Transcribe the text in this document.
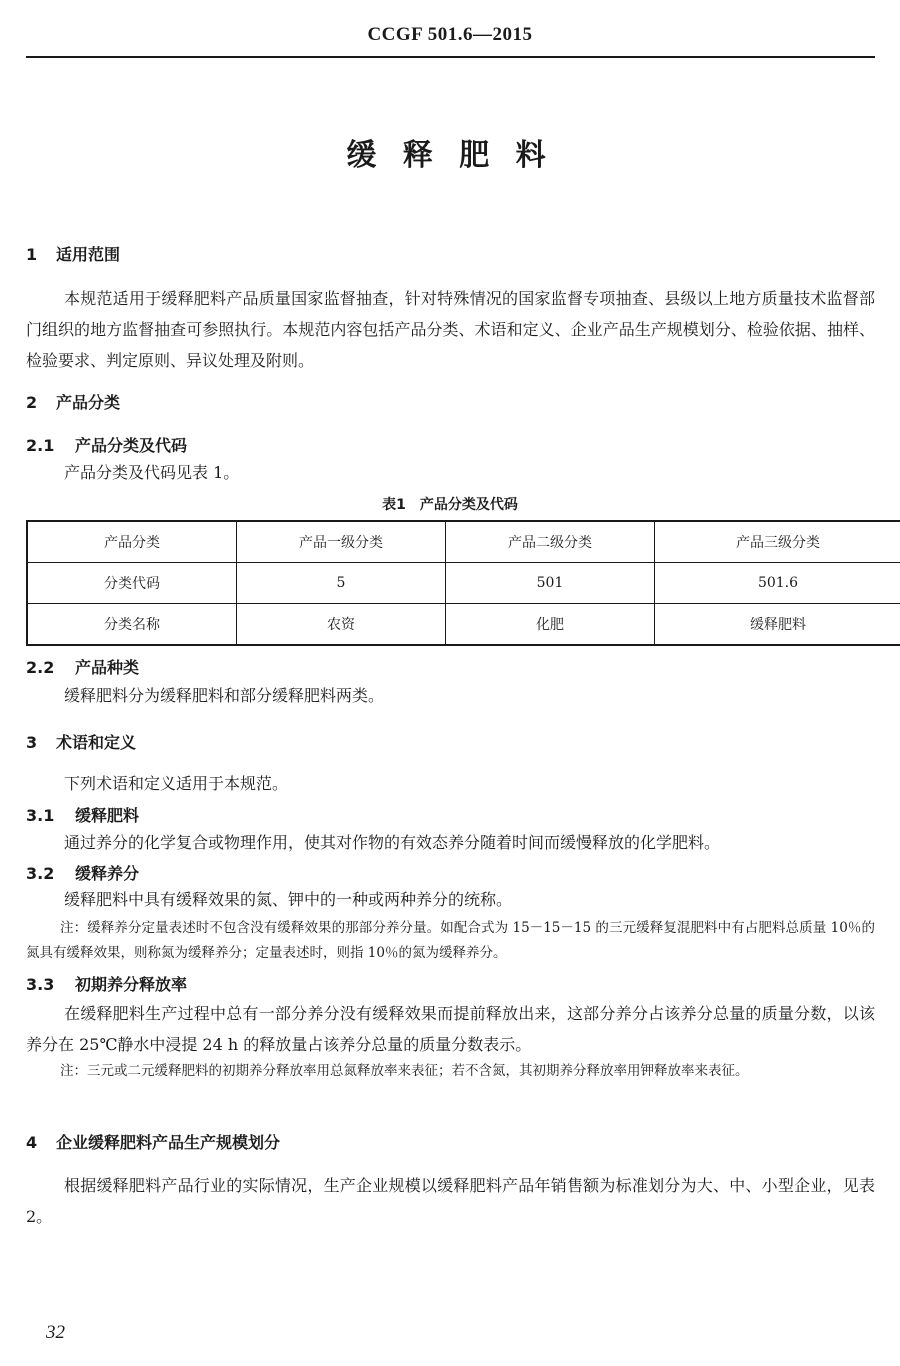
CCGF 501.6—2015
缓 释 肥 料
1 适用范围
本规范适用于缓释肥料产品质量国家监督抽查，针对特殊情况的国家监督专项抽查、县级以上地方质量技术监督部门组织的地方监督抽查可参照执行。本规范内容包括产品分类、术语和定义、企业产品生产规模划分、检验依据、抽样、检验要求、判定原则、异议处理及附则。
2 产品分类
2.1 产品分类及代码
产品分类及代码见表 1。
表1　产品分类及代码
产品分类	产品一级分类	产品二级分类	产品三级分类
分类代码	5	501	501.6
分类名称	农资	化肥	缓释肥料
2.2 产品种类
缓释肥料分为缓释肥料和部分缓释肥料两类。
3 术语和定义
下列术语和定义适用于本规范。
3.1 缓释肥料
通过养分的化学复合或物理作用，使其对作物的有效态养分随着时间而缓慢释放的化学肥料。
3.2 缓释养分
缓释肥料中具有缓释效果的氮、钾中的一种或两种养分的统称。
注：缓释养分定量表述时不包含没有缓释效果的那部分养分量。如配合式为 15－15－15 的三元缓释复混肥料中有占肥料总质量 10％的氮具有缓释效果，则称氮为缓释养分；定量表述时，则指 10％的氮为缓释养分。
3.3 初期养分释放率
在缓释肥料生产过程中总有一部分养分没有缓释效果而提前释放出来，这部分养分占该养分总量的质量分数，以该养分在 25℃静水中浸提 24 h 的释放量占该养分总量的质量分数表示。
注：三元或二元缓释肥料的初期养分释放率用总氮释放率来表征；若不含氮，其初期养分释放率用钾释放率来表征。
4 企业缓释肥料产品生产规模划分
根据缓释肥料产品行业的实际情况，生产企业规模以缓释肥料产品年销售额为标准划分为大、中、小型企业，见表 2。
32
